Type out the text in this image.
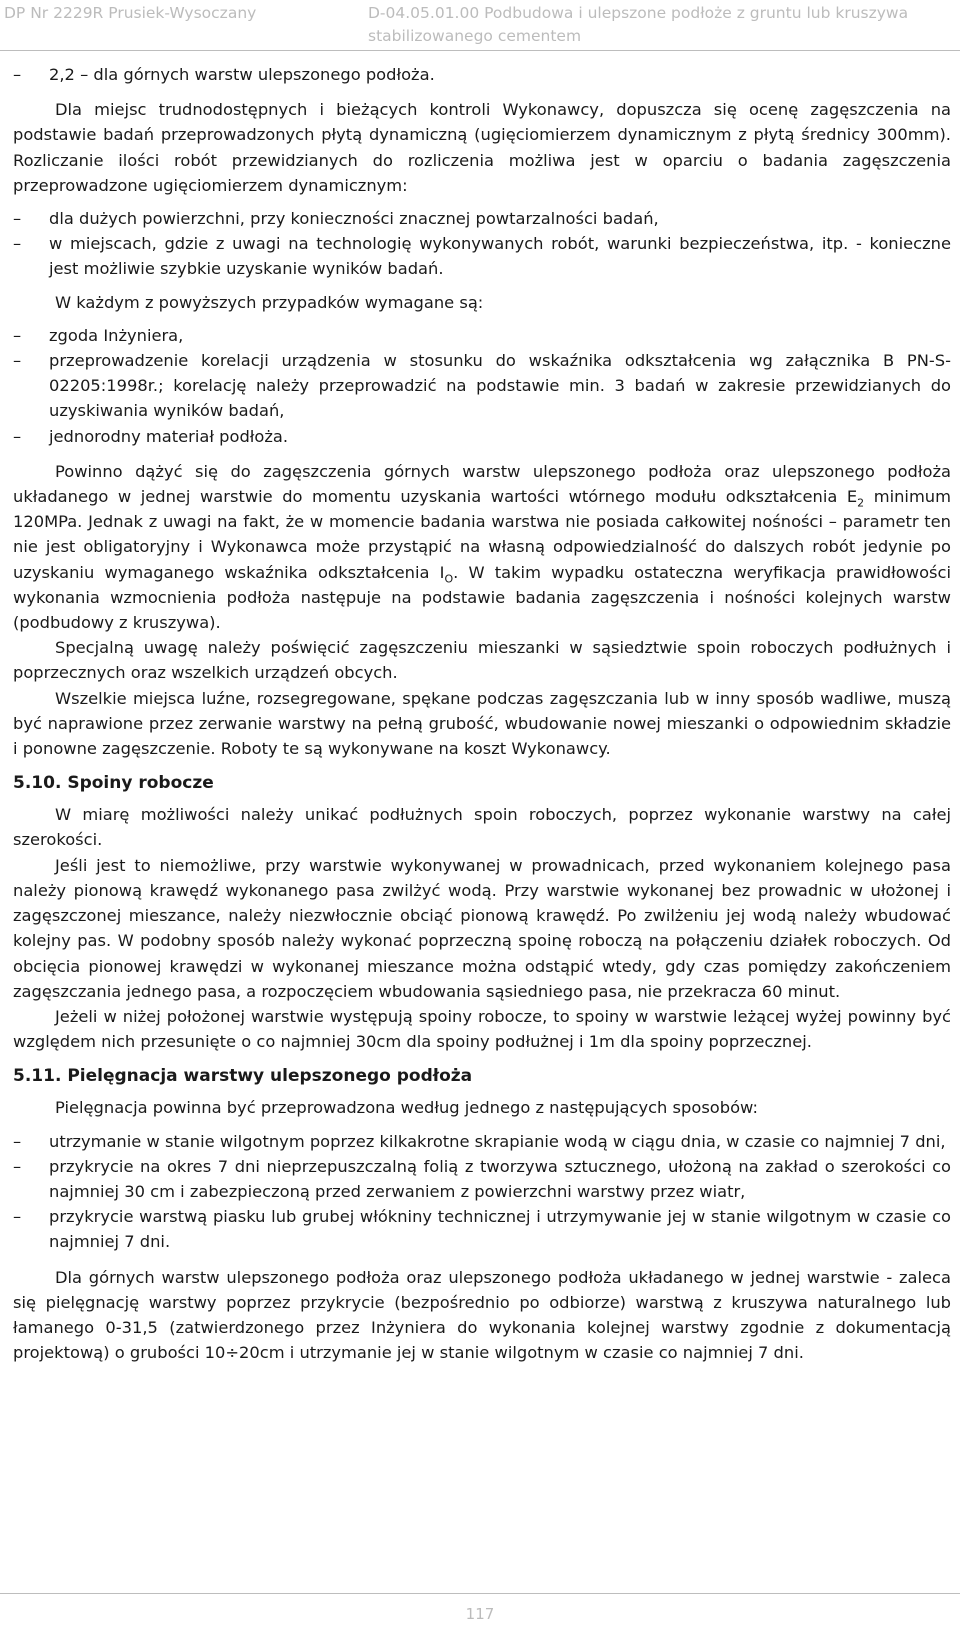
DP Nr 2229R Prusiek-Wysoczany	D-04.05.01.00 Podbudowa i ulepszone podłoże z gruntu lub kruszywa stabilizowanego cementem
–	2,2 – dla górnych warstw ulepszonego podłoża.

Dla miejsc trudnodostępnych i bieżących kontroli Wykonawcy, dopuszcza się ocenę zagęszczenia na podstawie badań przeprowadzonych płytą dynamiczną (ugięciomierzem dynamicznym z płytą średnicy 300mm). Rozliczanie ilości robót przewidzianych do rozliczenia możliwa jest w oparciu o badania zagęszczenia przeprowadzone ugięciomierzem dynamicznym:

–	dla dużych powierzchni, przy konieczności znacznej powtarzalności badań,
–	w miejscach, gdzie z uwagi na technologię wykonywanych robót, warunki bezpieczeństwa, itp. - konieczne jest możliwie szybkie uzyskanie wyników badań.

W każdym z powyższych przypadków wymagane są:

–	zgoda Inżyniera,
–	przeprowadzenie korelacji urządzenia w stosunku do wskaźnika odkształcenia wg załącznika B PN-S-02205:1998r.; korelację należy przeprowadzić na podstawie min. 3 badań w zakresie przewidzianych do uzyskiwania wyników badań,
–	jednorodny materiał podłoża.

Powinno dążyć się do zagęszczenia górnych warstw ulepszonego podłoża oraz ulepszonego podłoża układanego w jednej warstwie do momentu uzyskania wartości wtórnego modułu odkształcenia $E_2$ minimum 120MPa. Jednak z uwagi na fakt, że w momencie badania warstwa nie posiada całkowitej nośności – parametr ten nie jest obligatoryjny i Wykonawca może przystąpić na własną odpowiedzialność do dalszych robót jedynie po uzyskaniu wymaganego wskaźnika odkształcenia $I_O$. W takim wypadku ostateczna weryfikacja prawidłowości wykonania wzmocnienia podłoża następuje na podstawie badania zagęszczenia i nośności kolejnych warstw (podbudowy z kruszywa).

Specjalną uwagę należy poświęcić zagęszczeniu mieszanki w sąsiedztwie spoin roboczych podłużnych i poprzecznych oraz wszelkich urządzeń obcych.

Wszelkie miejsca luźne, rozsegregowane, spękane podczas zagęszczania lub w inny sposób wadliwe, muszą być naprawione przez zerwanie warstwy na pełną grubość, wbudowanie nowej mieszanki o odpowiednim składzie i ponowne zagęszczenie. Roboty te są wykonywane na koszt Wykonawcy.

5.10. Spoiny robocze

W miarę możliwości należy unikać podłużnych spoin roboczych, poprzez wykonanie warstwy na całej szerokości.

Jeśli jest to niemożliwe, przy warstwie wykonywanej w prowadnicach, przed wykonaniem kolejnego pasa należy pionową krawędź wykonanego pasa zwilżyć wodą. Przy warstwie wykonanej bez prowadnic w ułożonej i zagęszczonej mieszance, należy niezwłocznie obciąć pionową krawędź. Po zwilżeniu jej wodą należy wbudować kolejny pas. W podobny sposób należy wykonać poprzeczną spoinę roboczą na połączeniu działek roboczych. Od obcięcia pionowej krawędzi w wykonanej mieszance można odstąpić wtedy, gdy czas pomiędzy zakończeniem zagęszczania jednego pasa, a rozpoczęciem wbudowania sąsiedniego pasa, nie przekracza 60 minut.

Jeżeli w niżej położonej warstwie występują spoiny robocze, to spoiny w warstwie leżącej wyżej powinny być względem nich przesunięte o co najmniej 30cm dla spoiny podłużnej i 1m dla spoiny poprzecznej.

5.11. Pielęgnacja warstwy ulepszonego podłoża

Pielęgnacja powinna być przeprowadzona według jednego z następujących sposobów:

–	utrzymanie w stanie wilgotnym poprzez kilkakrotne skrapianie wodą w ciągu dnia, w czasie co najmniej 7 dni,
–	przykrycie na okres 7 dni nieprzepuszczalną folią z tworzywa sztucznego, ułożoną na zakład o szerokości co najmniej 30 cm i zabezpieczoną przed zerwaniem z powierzchni warstwy przez wiatr,
–	przykrycie warstwą piasku lub grubej włókniny technicznej i utrzymywanie jej w stanie wilgotnym w czasie co najmniej 7 dni.

Dla górnych warstw ulepszonego podłoża oraz ulepszonego podłoża układanego w jednej warstwie - zaleca się pielęgnację warstwy poprzez przykrycie (bezpośrednio po odbiorze) warstwą z kruszywa naturalnego lub łamanego 0-31,5 (zatwierdzonego przez Inżyniera do wykonania kolejnej warstwy zgodnie z dokumentacją projektową) o grubości 10÷20cm i utrzymanie jej w stanie wilgotnym w czasie co najmniej 7 dni.

117
